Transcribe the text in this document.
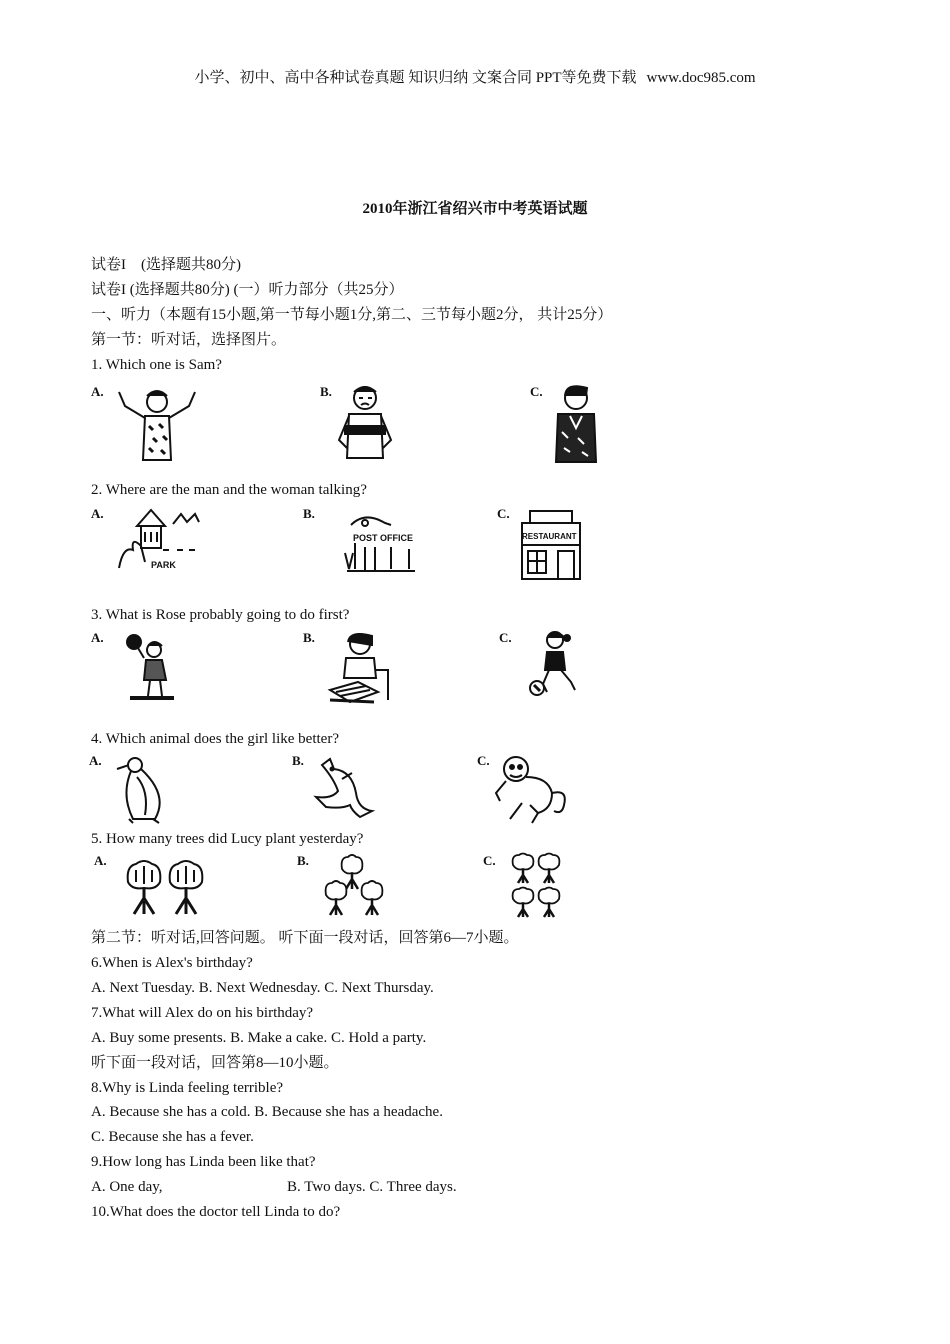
小学、初中、高中各种试卷真题 知识归纳 文案合同 PPT等免费下载 www.doc985.com
2010年浙江省绍兴市中考英语试题
试卷I　(选择题共80分)
试卷I (选择题共80分) (一）听力部分（共25分）
一、听力（本题有15小题,第一节每小题1分,第二、三节每小题2分， 共计25分）
第一节：听对话，选择图片。
1. Which one is Sam?
A.	B.	C.
2. Where are the man and the woman talking?
A.	B.	C.
PARK
POST OFFICE	RESTAURANT
3. What is Rose probably going to do first?
A.	B.	C.
4. Which animal does the girl like better?
A.	B.	C.
5. How many trees did Lucy plant yesterday?
A.	B.	C.
第二节：听对话,回答问题。 听下面一段对话，回答第6—7小题。
6.When is Alex's birthday?
A. Next Tuesday. B. Next Wednesday. C. Next Thursday.
7.What will Alex do on his birthday?
A. Buy some presents. B. Make a cake. C. Hold a party.
听下面一段对话，回答第8—10小题。
8.Why is Linda feeling terrible?
A. Because she has a cold. B. Because she has a headache.
C. Because she has a fever.
9.How long has Linda been like that?
A. One day,	B. Two days. C. Three days.
10.What does the doctor tell Linda to do?
